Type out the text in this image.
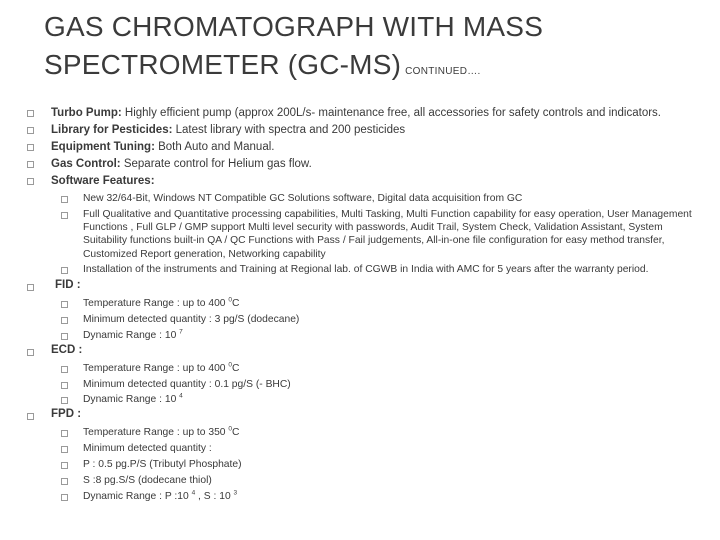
GAS CHROMATOGRAPH WITH MASS SPECTROMETER (GC-MS) CONTINUED….
Turbo Pump: Highly efficient pump (approx 200L/s- maintenance free, all accessories for safety controls and indicators.
Library for Pesticides: Latest library with spectra and 200 pesticides
Equipment Tuning: Both Auto and Manual.
Gas Control: Separate control for Helium gas flow.
Software Features:
New 32/64-Bit, Windows NT Compatible GC Solutions software, Digital data acquisition from GC
Full Qualitative and Quantitative processing capabilities, Multi Tasking, Multi Function capability for easy operation, User Management Functions , Full GLP / GMP support Multi level security with passwords, Audit Trail, System Check, Validation Assistant, System Suitability functions built-in QA / QC Functions with Pass / Fail judgements, All-in-one file configuration for easy method transfer, Customized Report generation, Networking capability
Installation of the instruments and Training at Regional lab. of CGWB in India with AMC for 5 years after the warranty period.
FID :
Temperature Range : up to 400 $^0$C
Minimum detected quantity : 3 pg/S (dodecane)
Dynamic Range : 10 $^7$
ECD :
Temperature Range : up to 400 $^0$C
Minimum detected quantity : 0.1 pg/S (- BHC)
Dynamic Range : 10 $^4$
FPD :
Temperature Range : up to 350 $^0$C
Minimum detected quantity :
P : 0.5 pg.P/S (Tributyl Phosphate)
S :8 pg.S/S (dodecane thiol)
Dynamic Range : P :10 $^4$ , S : 10 $^3$
